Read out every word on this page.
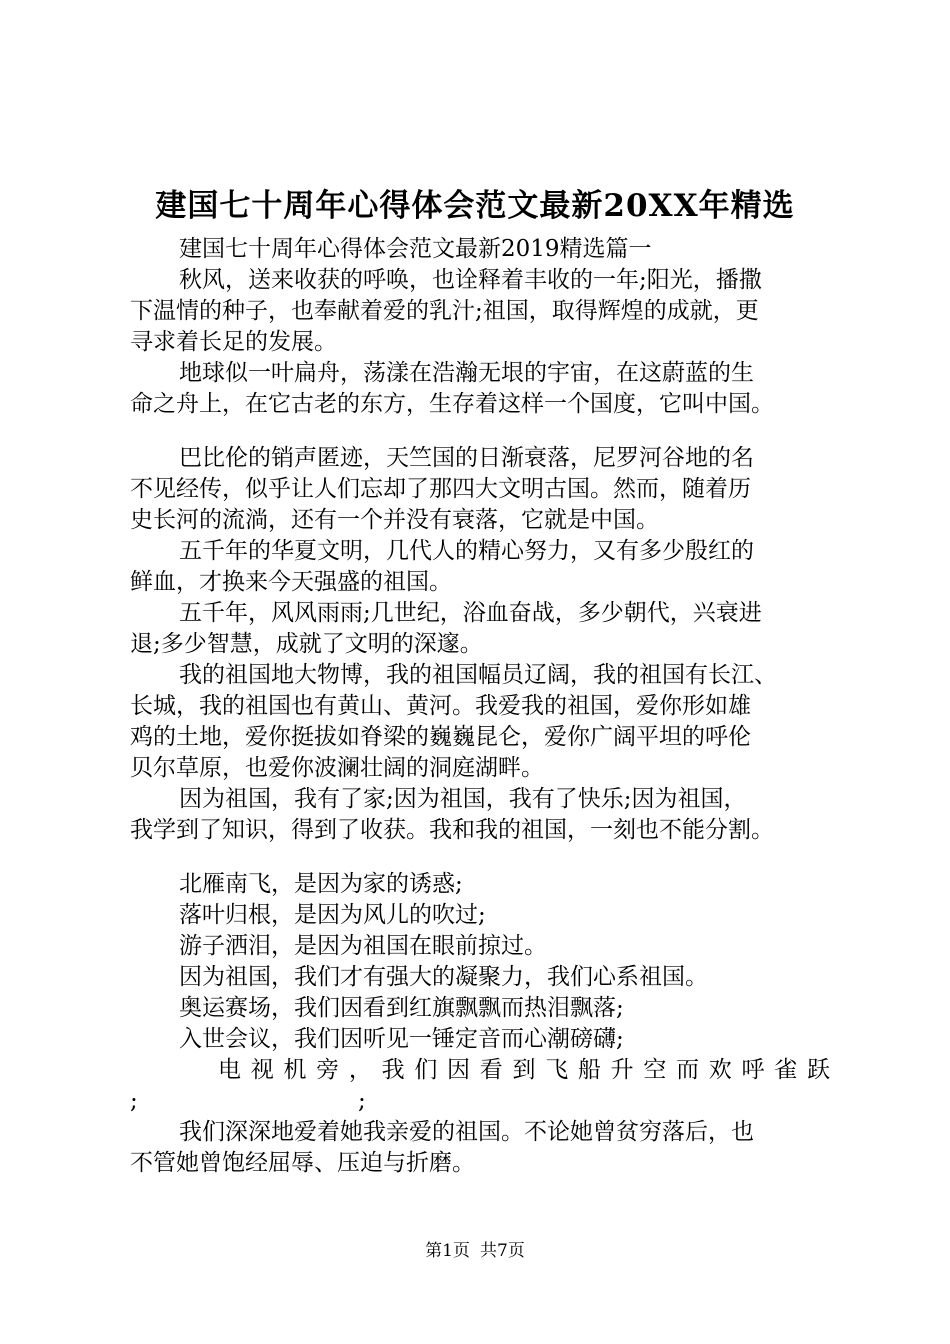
建国七十周年心得体会范文最新20XX年精选

建国七十周年心得体会范文最新2019精选篇一

秋风，送来收获的呼唤，也诠释着丰收的一年;阳光，播撒

下温情的种子，也奉献着爱的乳汁;祖国，取得辉煌的成就，更

寻求着长足的发展。

地球似一叶扁舟，荡漾在浩瀚无垠的宇宙，在这蔚蓝的生

命之舟上，在它古老的东方，生存着这样一个国度，它叫中国。

巴比伦的销声匿迹，天竺国的日渐衰落，尼罗河谷地的名

不见经传，似乎让人们忘却了那四大文明古国。然而，随着历

史长河的流淌，还有一个并没有衰落，它就是中国。

五千年的华夏文明，几代人的精心努力，又有多少殷红的

鲜血，才换来今天强盛的祖国。

五千年，风风雨雨;几世纪，浴血奋战，多少朝代，兴衰进

退;多少智慧，成就了文明的深邃。

我的祖国地大物博，我的祖国幅员辽阔，我的祖国有长江、

长城，我的祖国也有黄山、黄河。我爱我的祖国，爱你形如雄

鸡的土地，爱你挺拔如脊梁的巍巍昆仑，爱你广阔平坦的呼伦

贝尔草原，也爱你波澜壮阔的洞庭湖畔。

因为祖国，我有了家;因为祖国，我有了快乐;因为祖国，

我学到了知识，得到了收获。我和我的祖国，一刻也不能分割。

北雁南飞，是因为家的诱惑;

落叶归根，是因为风儿的吹过;

游子洒泪，是因为祖国在眼前掠过。

因为祖国，我们才有强大的凝聚力，我们心系祖国。

奥运赛场，我们因看到红旗飘飘而热泪飘落;

入世会议，我们因听见一锤定音而心潮磅礴;

电 视 机 旁 ， 我 们 因 看 到 飞 船 升 空 而 欢 呼 雀 跃

;	;

我们深深地爱着她我亲爱的祖国。不论她曾贫穷落后，也

不管她曾饱经屈辱、压迫与折磨。

第1页 共7页
